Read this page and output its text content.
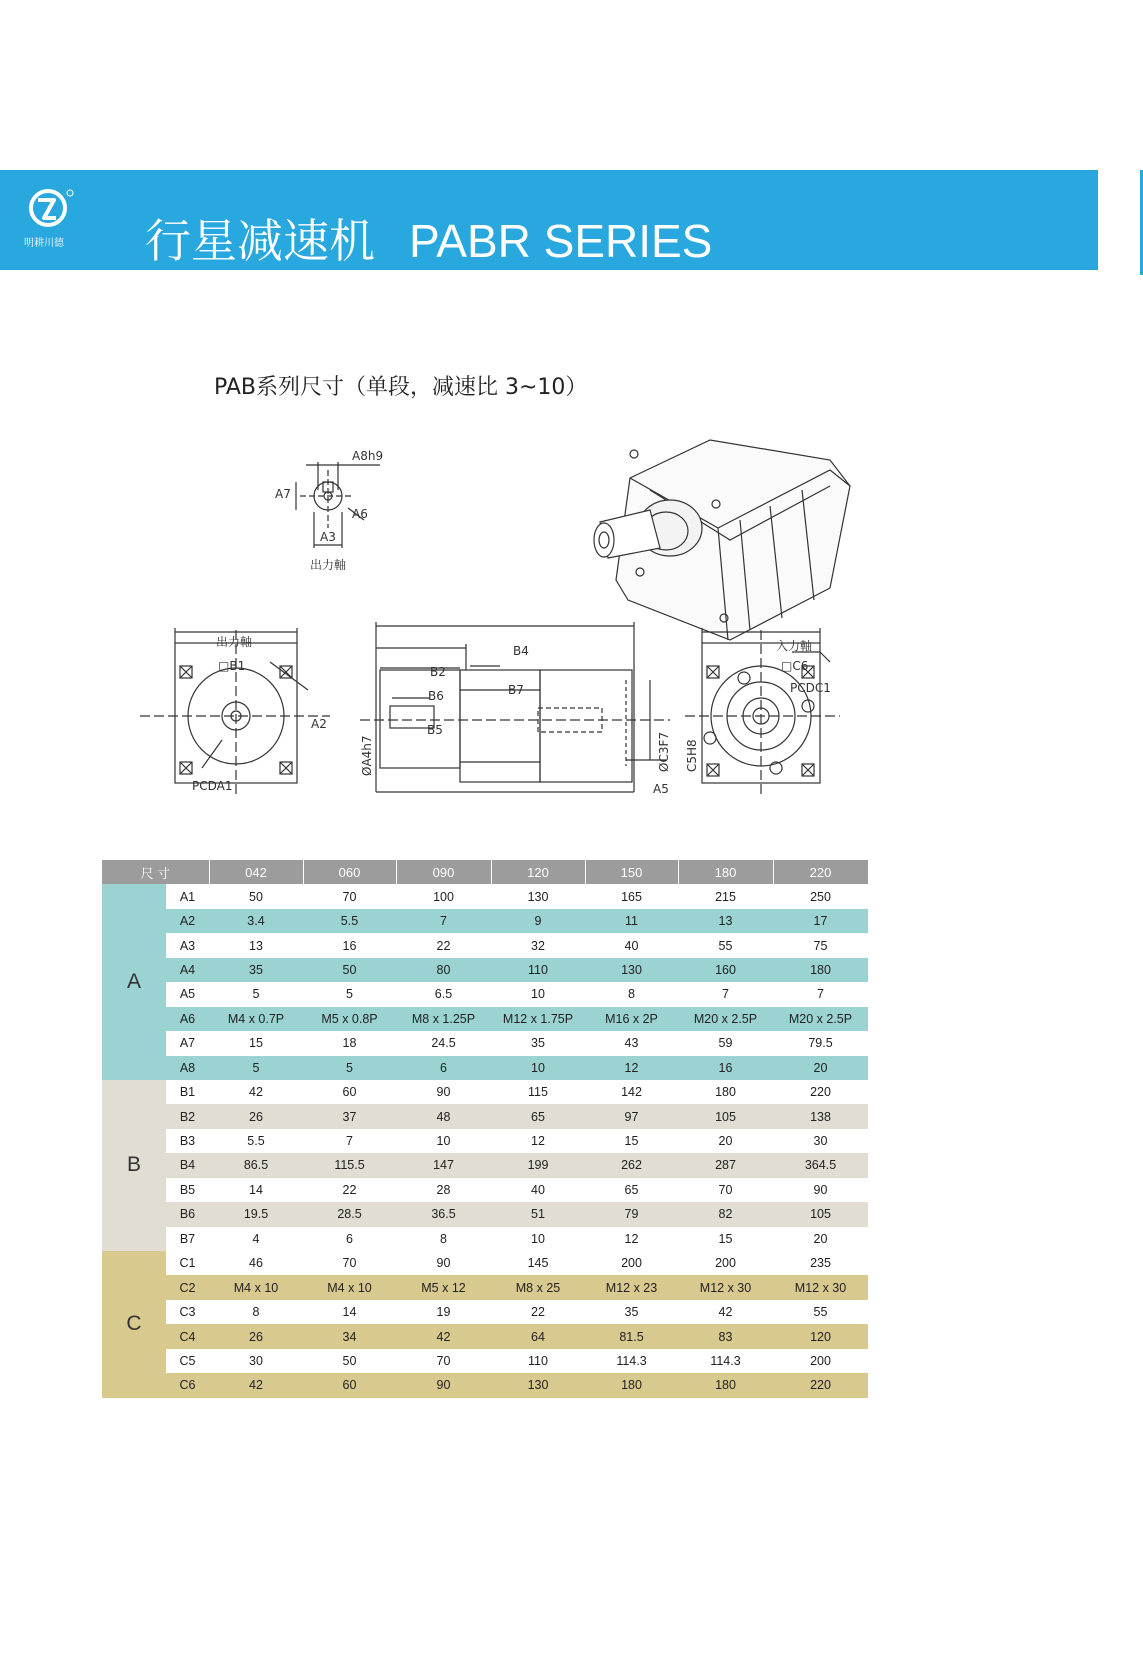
明耕川德 行星减速机 PABR SERIES
PAB系列尺寸（单段，减速比 3~10）
A8h9
A7
A6
A3
出力軸
出力軸
□B1
A2
PCDA1
B4
B2
B6	B7
B5
ØA4h7	ØC3F7 C5H8
A5
入力軸
□C6
PCDC1
尺 寸		042	060	090	120	150	180	220
A	A1	50	70	100	130	165	215	250
	A2	3.4	5.5	7	9	11	13	17
	A3	13	16	22	32	40	55	75
	A4	35	50	80	110	130	160	180
	A5	5	5	6.5	10	8	7	7
	A6	M4 x 0.7P	M5 x 0.8P	M8 x 1.25P	M12 x 1.75P	M16 x 2P	M20 x 2.5P	M20 x 2.5P
	A7	15	18	24.5	35	43	59	79.5
	A8	5	5	6	10	12	16	20
B	B1	42	60	90	115	142	180	220
	B2	26	37	48	65	97	105	138
	B3	5.5	7	10	12	15	20	30
	B4	86.5	115.5	147	199	262	287	364.5
	B5	14	22	28	40	65	70	90
	B6	19.5	28.5	36.5	51	79	82	105
	B7	4	6	8	10	12	15	20
C	C1	46	70	90	145	200	200	235
	C2	M4 x 10	M4 x 10	M5 x 12	M8 x 25	M12 x 23	M12 x 30	M12 x 30
	C3	8	14	19	22	35	42	55
	C4	26	34	42	64	81.5	83	120
	C5	30	50	70	110	114.3	114.3	200
	C6	42	60	90	130	180	180	220
